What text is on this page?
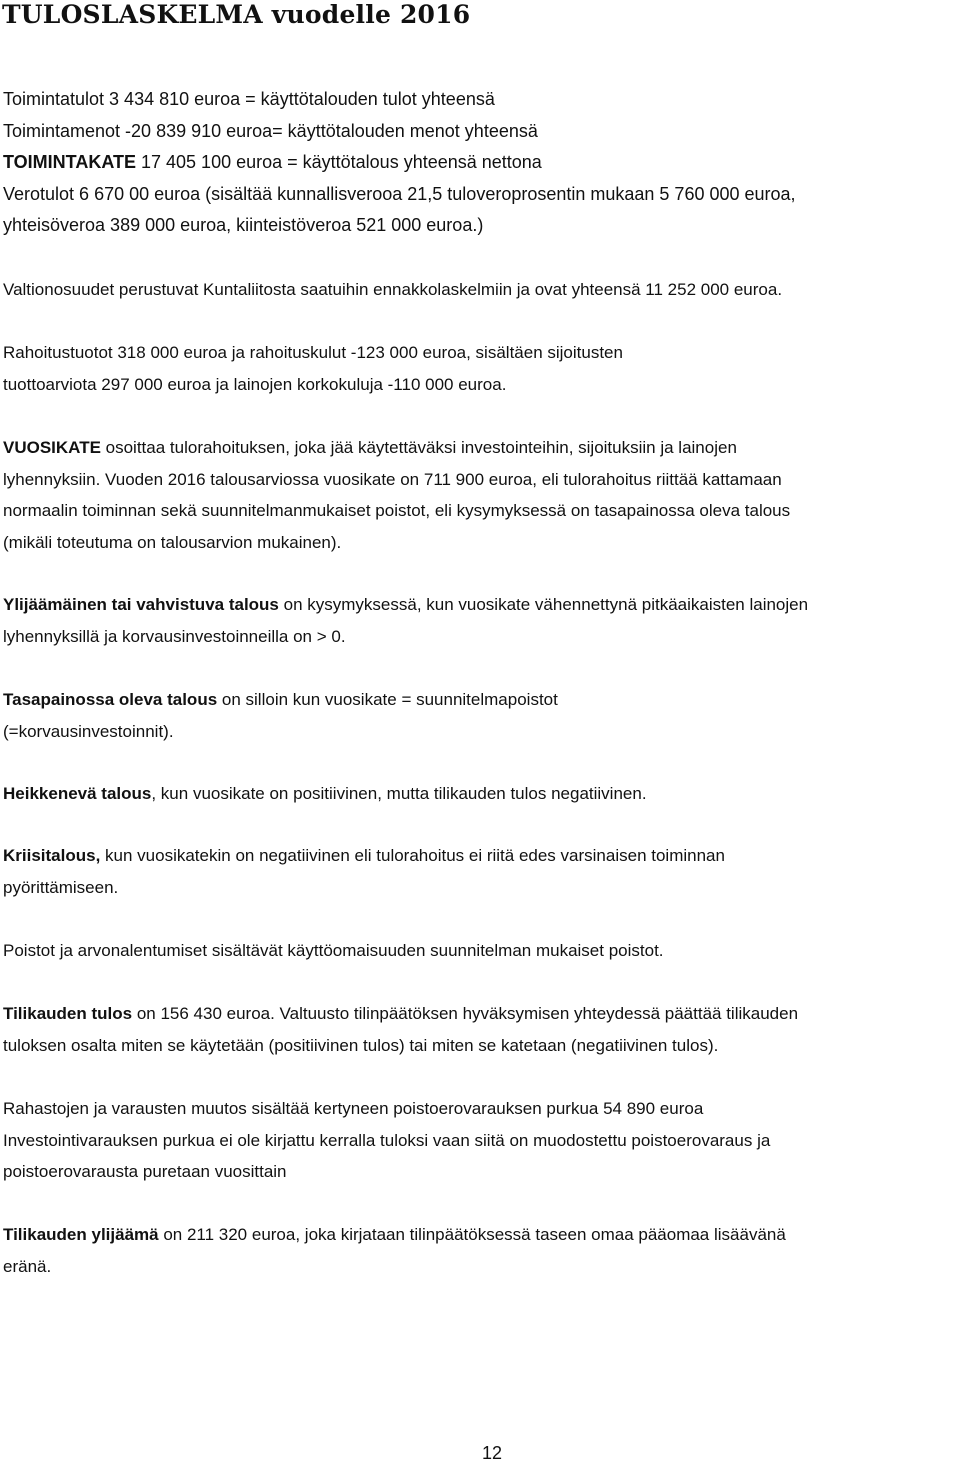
TULOSLASKELMA vuodelle 2016
Toimintatulot 3 434 810 euroa = käyttötalouden tulot yhteensä
Toimintamenot -20 839 910 euroa= käyttötalouden menot yhteensä
TOIMINTAKATE 17 405 100 euroa = käyttötalous yhteensä nettona
Verotulot 6 670 00 euroa (sisältää kunnallisverooa 21,5 tuloveroprosentin mukaan 5 760 000 euroa,
yhteisöveroa 389 000 euroa, kiinteistöveroa 521 000 euroa.)

Valtionosuudet perustuvat Kuntaliitosta saatuihin ennakkolaskelmiin ja ovat yhteensä 11 252 000 euroa.

Rahoitustuotot 318 000 euroa ja rahoituskulut -123 000 euroa, sisältäen sijoitusten

tuottoarviota 297 000 euroa ja lainojen korkokuluja -110 000 euroa.

VUOSIKATE osoittaa tulorahoituksen, joka jää käytettäväksi investointeihin, sijoituksiin ja lainojen

lyhennyksiin. Vuoden 2016 talousarviossa vuosikate on 711 900 euroa, eli tulorahoitus riittää kattamaan

normaalin toiminnan sekä suunnitelmanmukaiset poistot, eli kysymyksessä on tasapainossa oleva talous

(mikäli toteutuma on talousarvion mukainen).

Ylijäämäinen tai vahvistuva talous on kysymyksessä, kun vuosikate vähennettynä pitkäaikaisten lainojen

lyhennyksillä ja korvausinvestoinneilla on > 0.

Tasapainossa oleva talous on silloin kun vuosikate = suunnitelmapoistot

(=korvausinvestoinnit).

Heikkenevä talous, kun vuosikate on positiivinen, mutta tilikauden tulos negatiivinen.

Kriisitalous, kun vuosikatekin on negatiivinen eli tulorahoitus ei riitä edes varsinaisen toiminnan

pyörittämiseen.

Poistot ja arvonalentumiset sisältävät käyttöomaisuuden suunnitelman mukaiset poistot.

Tilikauden tulos on 156 430 euroa. Valtuusto tilinpäätöksen hyväksymisen yhteydessä päättää tilikauden

tuloksen osalta miten se käytetään (positiivinen tulos) tai miten se katetaan (negatiivinen tulos).

Rahastojen ja varausten muutos sisältää kertyneen poistoerovarauksen purkua 54 890 euroa

Investointivarauksen purkua ei ole kirjattu kerralla tuloksi vaan siitä on muodostettu poistoerovaraus ja

poistoerovarausta puretaan vuosittain

Tilikauden ylijäämä on 211 320 euroa, joka kirjataan tilinpäätöksessä taseen omaa pääomaa lisäävänä

eränä.

12
